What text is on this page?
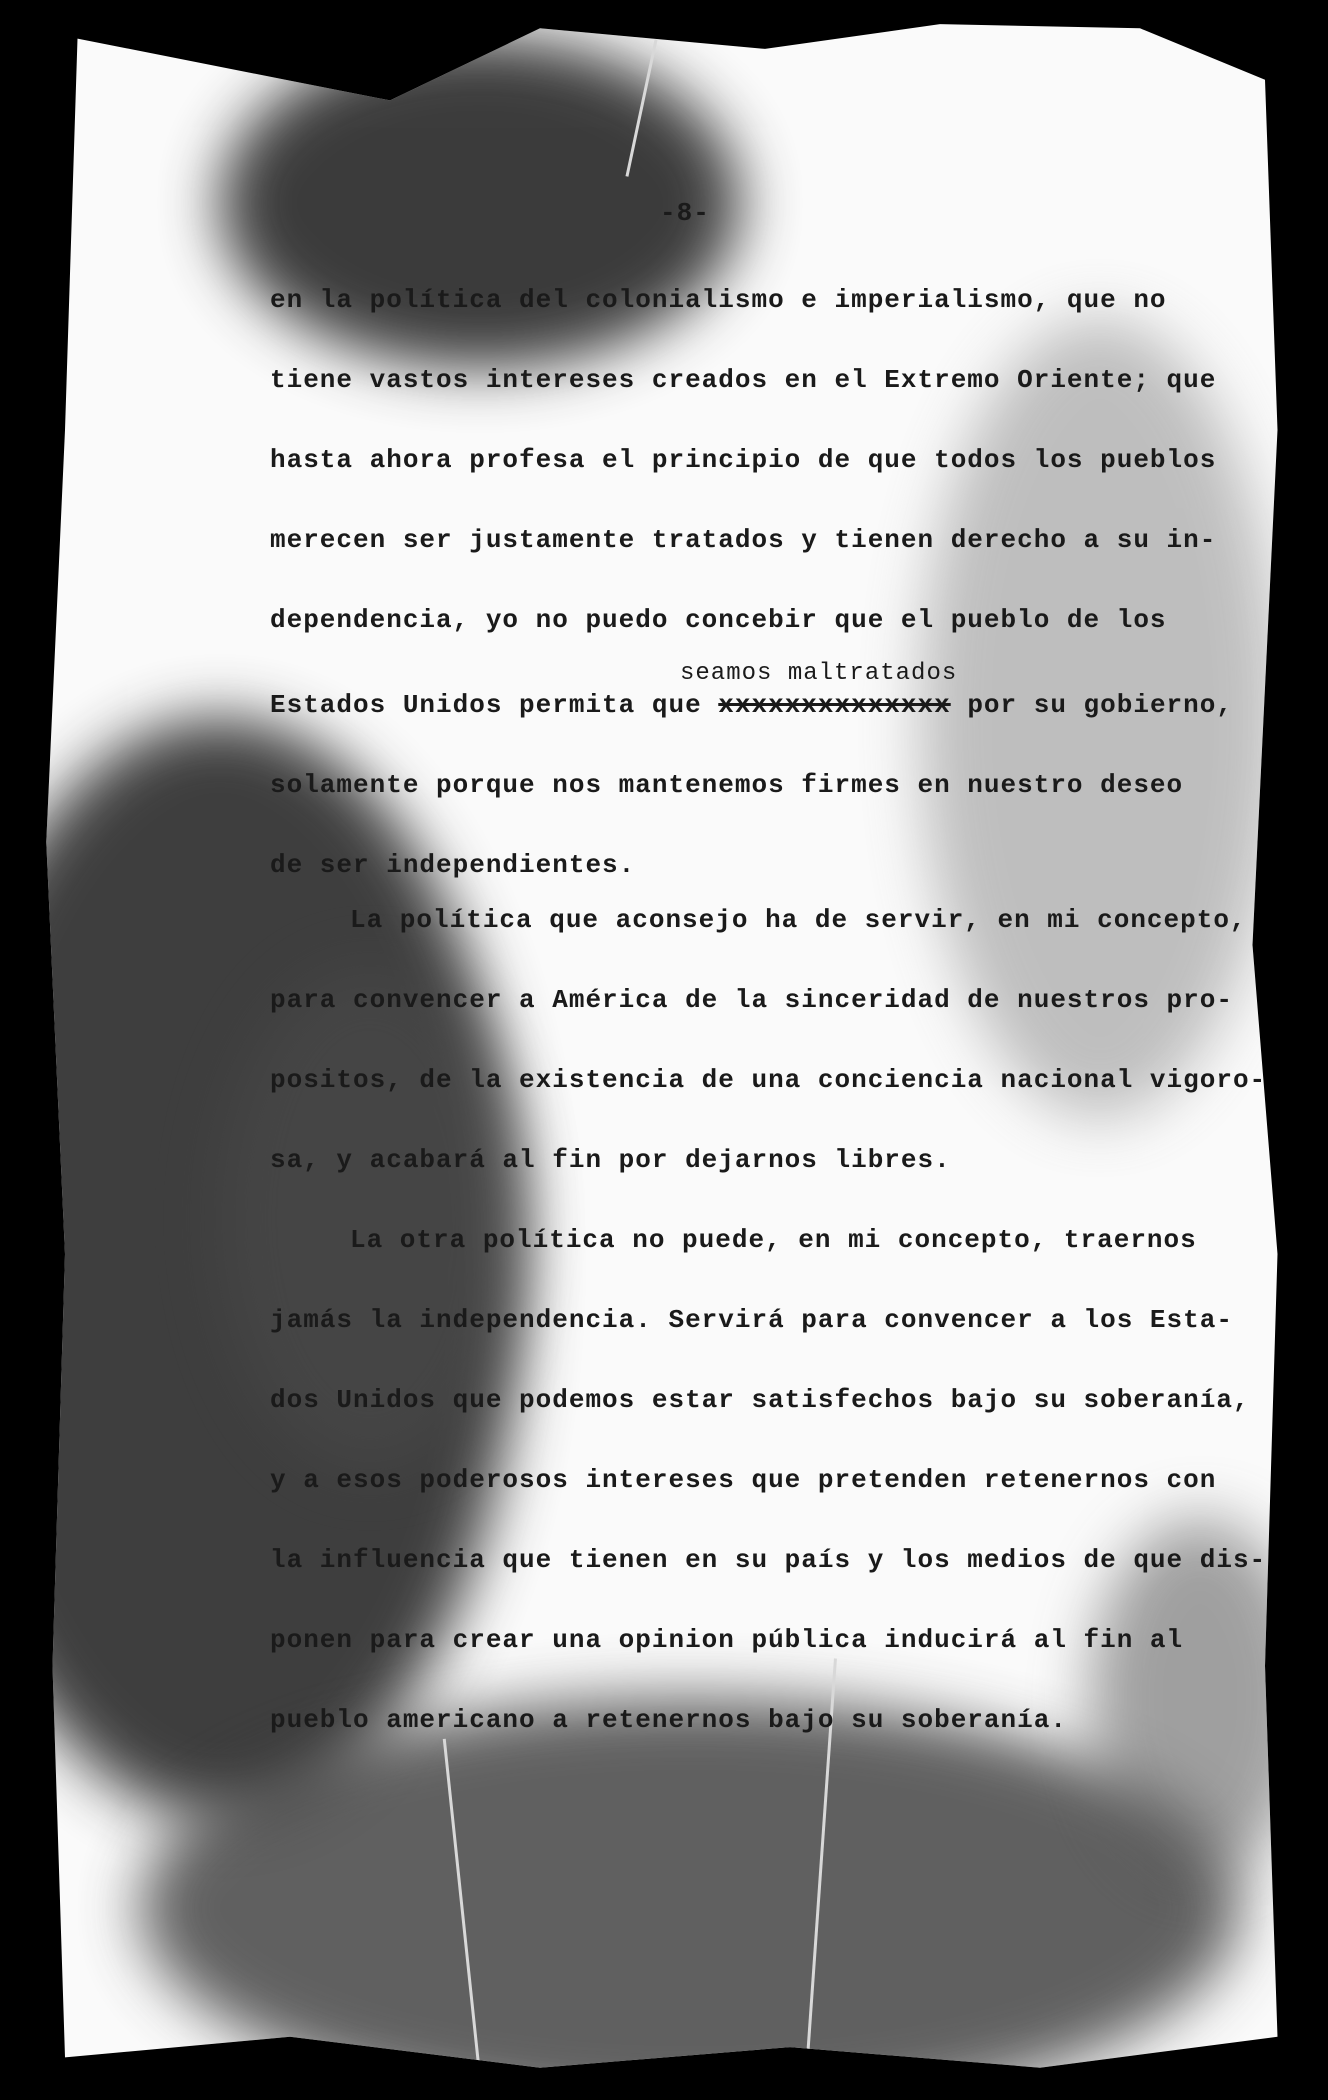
-8-
en la política del colonialismo e imperialismo, que no
tiene vastos intereses creados en el Extremo Oriente; que
hasta ahora profesa el principio de que todos los pueblos
merecen ser justamente tratados y tienen derecho a su in-
dependencia, yo no puedo concebir que el pueblo de los
seamos maltratados
Estados Unidos permita que xxxxxxxxxxxxxx por su gobierno,
solamente porque nos mantenemos firmes en nuestro deseo
de ser independientes.
La política que aconsejo ha de servir, en mi concepto,
para convencer a América de la sinceridad de nuestros pro-
positos, de la existencia de una conciencia nacional vigoro-
sa, y acabará al fin por dejarnos libres.
La otra política no puede, en mi concepto, traernos
jamás la independencia. Servirá para convencer a los Esta-
dos Unidos que podemos estar satisfechos bajo su soberanía,
y a esos poderosos intereses que pretenden retenernos con
la influencia que tienen en su país y los medios de que dis-
ponen para crear una opinion pública inducirá al fin al
pueblo americano a retenernos bajo su soberanía.
